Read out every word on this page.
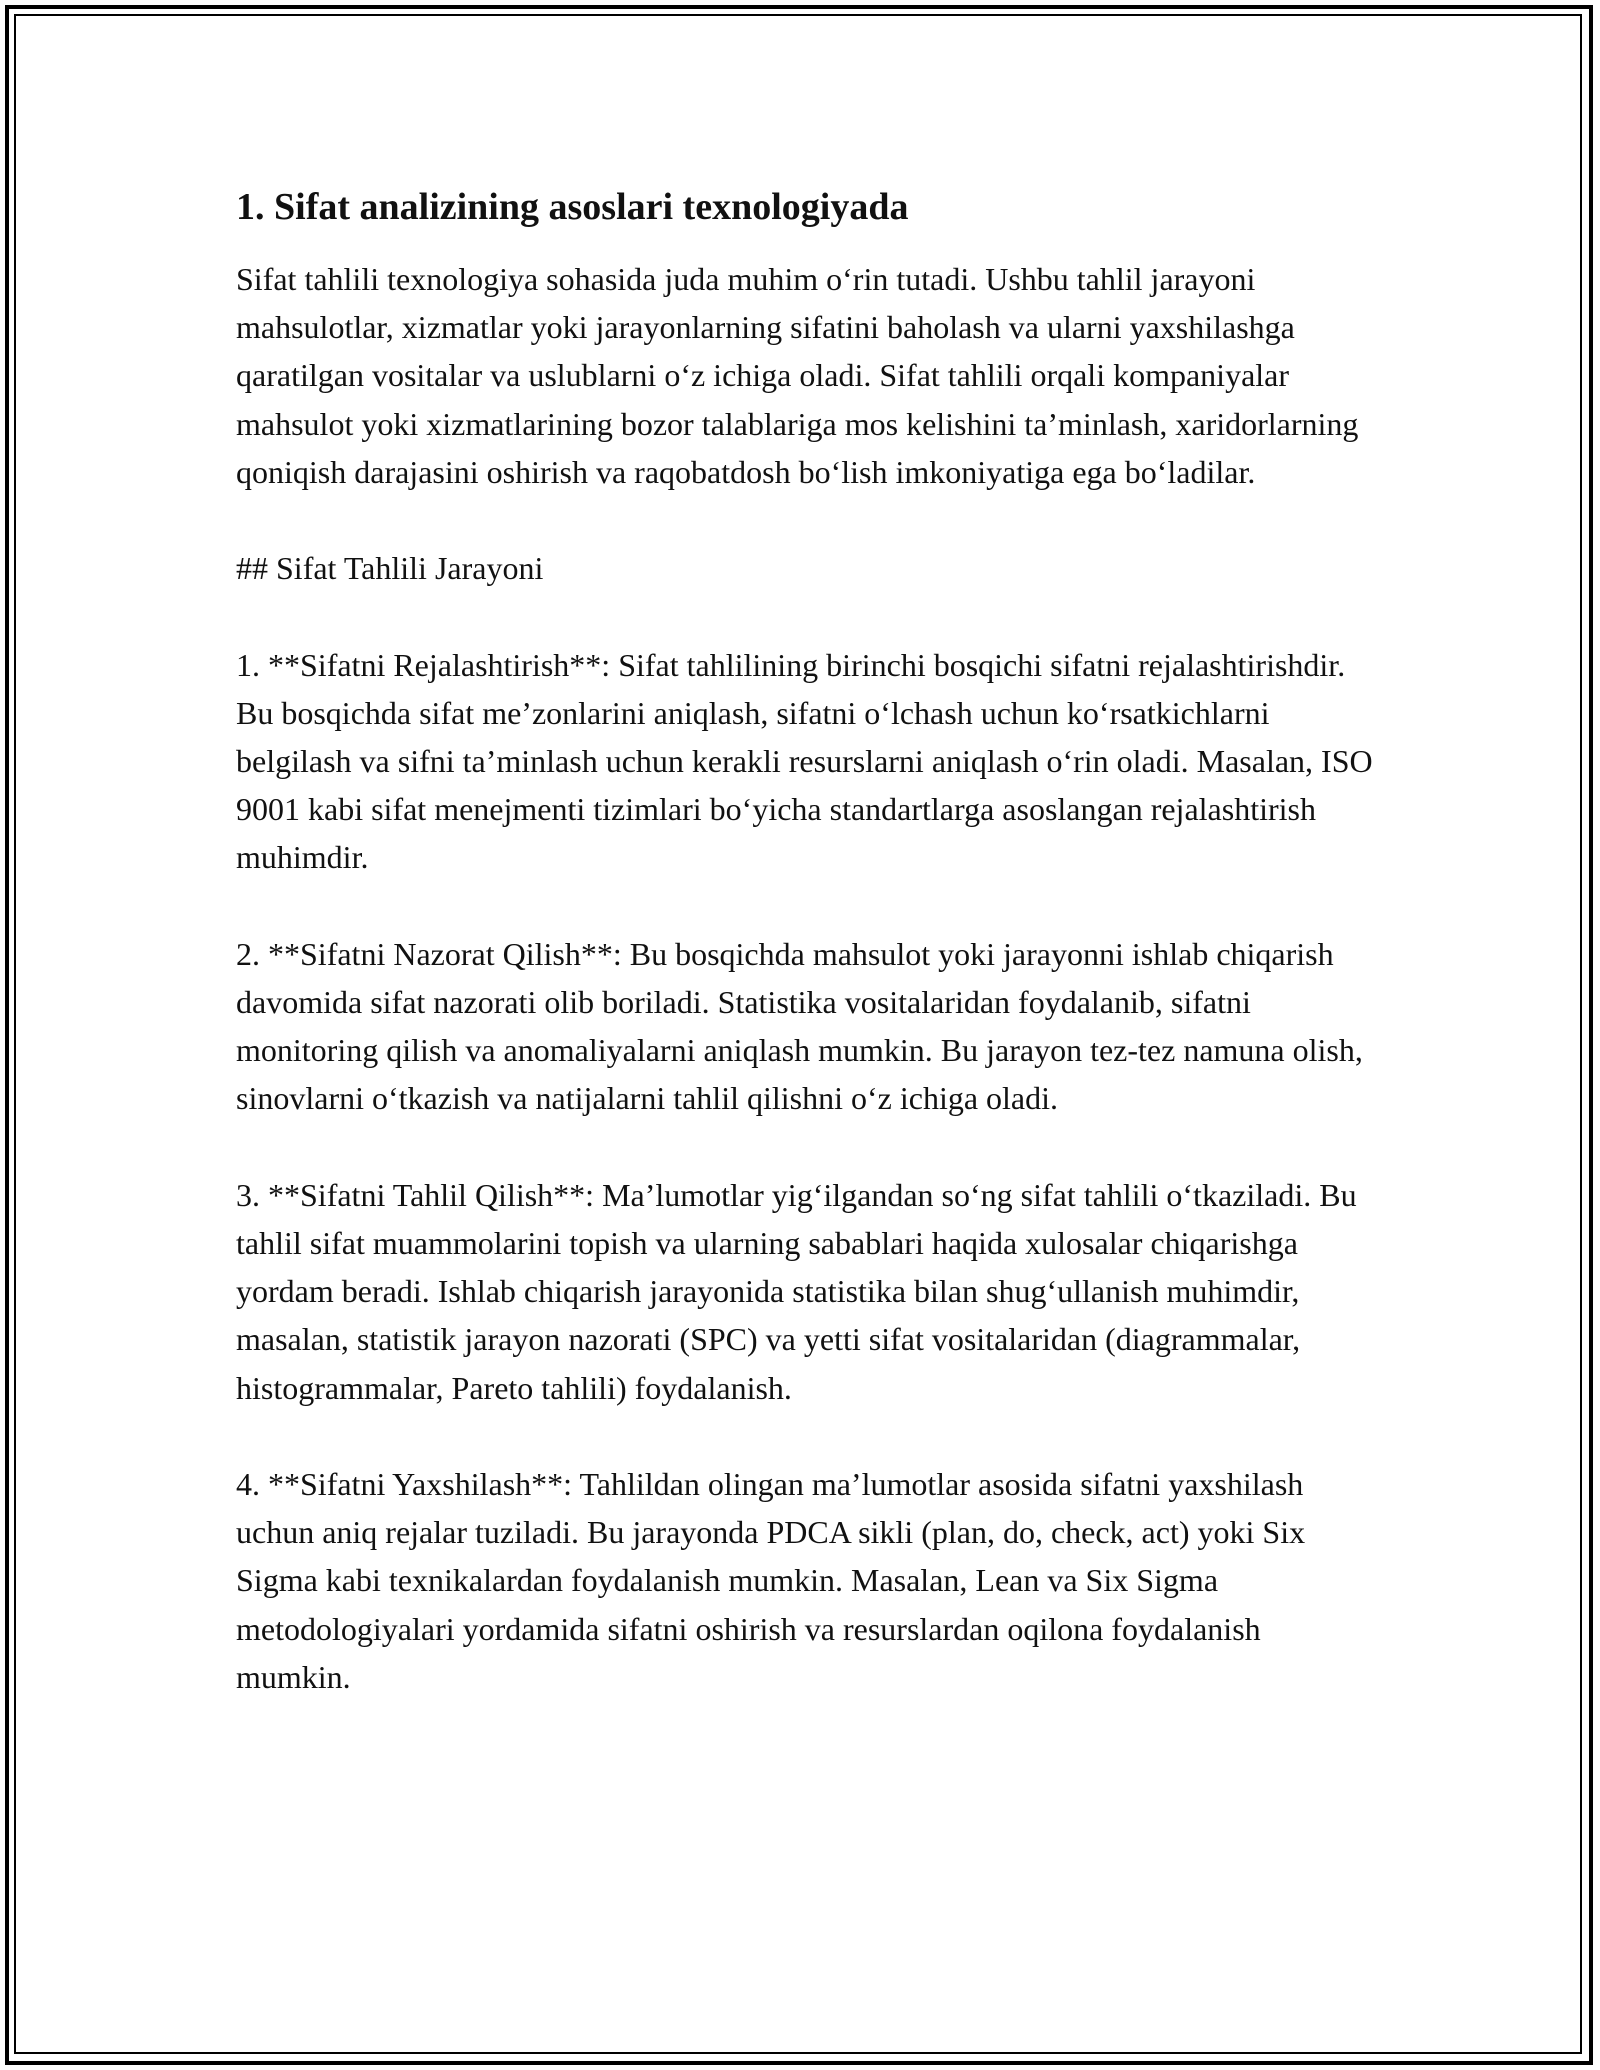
1. Sifat analizining asoslari texnologiyada

Sifat tahlili texnologiya sohasida juda muhim o‘rin tutadi. Ushbu tahlil jarayoni mahsulotlar, xizmatlar yoki jarayonlarning sifatini baholash va ularni yaxshilashga qaratilgan vositalar va uslublarni o‘z ichiga oladi. Sifat tahlili orqali kompaniyalar mahsulot yoki xizmatlarining bozor talablariga mos kelishini ta’minlash, xaridorlarning qoniqish darajasini oshirish va raqobatdosh bo‘lish imkoniyatiga ega bo‘ladilar.

## Sifat Tahlili Jarayoni

1. **Sifatni Rejalashtirish**: Sifat tahlilining birinchi bosqichi sifatni rejalashtirishdir. Bu bosqichda sifat me’zonlarini aniqlash, sifatni o‘lchash uchun ko‘rsatkichlarni belgilash va sifni ta’minlash uchun kerakli resurslarni aniqlash o‘rin oladi. Masalan, ISO 9001 kabi sifat menejmenti tizimlari bo‘yicha standartlarga asoslangan rejalashtirish muhimdir.

2. **Sifatni Nazorat Qilish**: Bu bosqichda mahsulot yoki jarayonni ishlab chiqarish davomida sifat nazorati olib boriladi. Statistika vositalaridan foydalanib, sifatni monitoring qilish va anomaliyalarni aniqlash mumkin. Bu jarayon tez-tez namuna olish, sinovlarni o‘tkazish va natijalarni tahlil qilishni o‘z ichiga oladi.

3. **Sifatni Tahlil Qilish**: Ma’lumotlar yig‘ilgandan so‘ng sifat tahlili o‘tkaziladi. Bu tahlil sifat muammolarini topish va ularning sabablari haqida xulosalar chiqarishga yordam beradi. Ishlab chiqarish jarayonida statistika bilan shug‘ullanish muhimdir, masalan, statistik jarayon nazorati (SPC) va yetti sifat vositalaridan (diagrammalar, histogrammalar, Pareto tahlili) foydalanish.

4. **Sifatni Yaxshilash**: Tahlildan olingan ma’lumotlar asosida sifatni yaxshilash uchun aniq rejalar tuziladi. Bu jarayonda PDCA sikli (plan, do, check, act) yoki Six Sigma kabi texnikalardan foydalanish mumkin. Masalan, Lean va Six Sigma metodologiyalari yordamida sifatni oshirish va resurslardan oqilona foydalanish mumkin.
